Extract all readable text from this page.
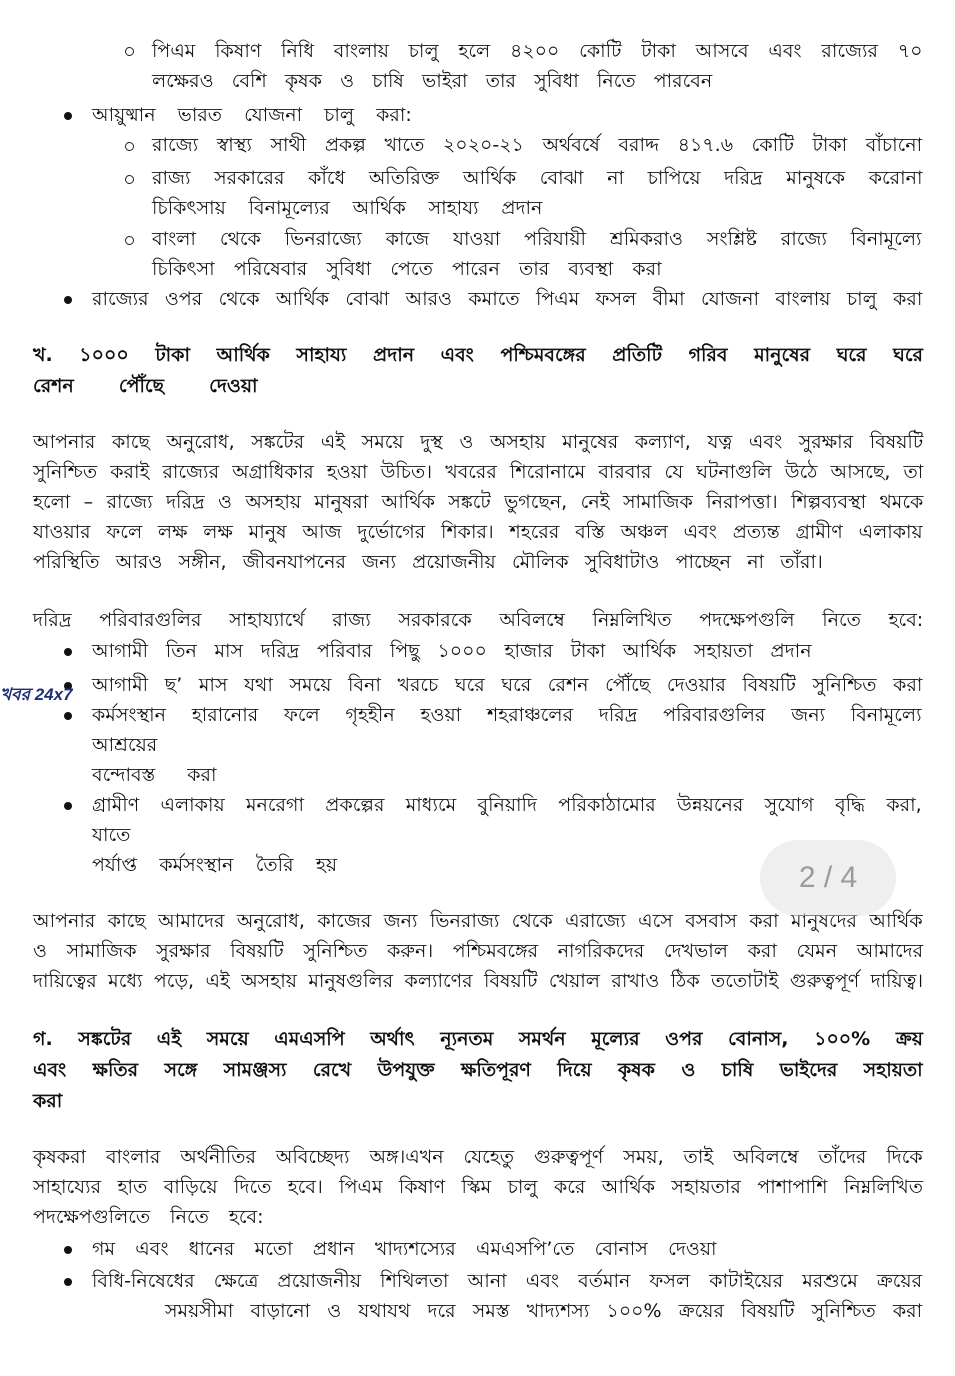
পিএম কিষাণ নিধি বাংলায় চালু হলে ৪২০০ কোটি টাকা আসবে এবং রাজ্যের ৭০
লক্ষেরও বেশি কৃষক ও চাষি ভাইরা তার সুবিধা নিতে পারবেন
আয়ুষ্মান ভারত যোজনা চালু করা:
রাজ্যে স্বাস্থ্য সাথী প্রকল্প খাতে ২০২০-২১ অর্থবর্ষে বরাদ্দ ৪১৭.৬ কোটি টাকা বাঁচানো
রাজ্য সরকারের কাঁধে অতিরিক্ত আর্থিক বোঝা না চাপিয়ে দরিদ্র মানুষকে করোনা
চিকিৎসায় বিনামূল্যের আর্থিক সাহায্য প্রদান
বাংলা থেকে ভিনরাজ্যে কাজে যাওয়া পরিযায়ী শ্রমিকরাও সংশ্লিষ্ট রাজ্যে বিনামূল্যে
চিকিৎসা পরিষেবার সুবিধা পেতে পারেন তার ব্যবস্থা করা
রাজ্যের ওপর থেকে আর্থিক বোঝা আরও কমাতে পিএম ফসল বীমা যোজনা বাংলায় চালু করা
খ. ১০০০ টাকা আর্থিক সাহায্য প্রদান এবং পশ্চিমবঙ্গের প্রতিটি গরিব মানুষের ঘরে ঘরে
রেশন পৌঁছে দেওয়া
আপনার কাছে অনুরোধ, সঙ্কটের এই সময়ে দুস্থ ও অসহায় মানুষের কল্যাণ, যত্ন এবং সুরক্ষার বিষয়টি
সুনিশ্চিত করাই রাজ্যের অগ্রাধিকার হওয়া উচিত। খবরের শিরোনামে বারবার যে ঘটনাগুলি উঠে আসছে, তা
হলো – রাজ্যে দরিদ্র ও অসহায় মানুষরা আর্থিক সঙ্কটে ভুগছেন, নেই সামাজিক নিরাপত্তা। শিল্পব্যবস্থা থমকে
যাওয়ার ফলে লক্ষ লক্ষ মানুষ আজ দুর্ভোগের শিকার। শহরের বস্তি অঞ্চল এবং প্রত্যন্ত গ্রামীণ এলাকায়
পরিস্থিতি আরও সঙ্গীন, জীবনযাপনের জন্য প্রয়োজনীয় মৌলিক সুবিধাটাও পাচ্ছেন না তাঁরা।
দরিদ্র পরিবারগুলির সাহায্যার্থে রাজ্য সরকারকে অবিলম্বে নিম্নলিখিত পদক্ষেপগুলি নিতে হবে:
আগামী তিন মাস দরিদ্র পরিবার পিছু ১০০০ হাজার টাকা আর্থিক সহায়তা প্রদান
আগামী ছ’ মাস যথা সময়ে বিনা খরচে ঘরে ঘরে রেশন পৌঁছে দেওয়ার বিষয়টি সুনিশ্চিত করা
কর্মসংস্থান হারানোর ফলে গৃহহীন হওয়া শহরাঞ্চলের দরিদ্র পরিবারগুলির জন্য বিনামূল্যে
আশ্রয়ের
বন্দোবস্ত করা
গ্রামীণ এলাকায় মনরেগা প্রকল্পের মাধ্যমে বুনিয়াদি পরিকাঠামোর উন্নয়নের সুযোগ বৃদ্ধি করা,
যাতে
পর্যাপ্ত কর্মসংস্থান তৈরি হয়
আপনার কাছে আমাদের অনুরোধ, কাজের জন্য ভিনরাজ্য থেকে এরাজ্যে এসে বসবাস করা মানুষদের আর্থিক
ও সামাজিক সুরক্ষার বিষয়টি সুনিশ্চিত করুন। পশ্চিমবঙ্গের নাগরিকদের দেখভাল করা যেমন আমাদের
দায়িত্বের মধ্যে পড়ে, এই অসহায় মানুষগুলির কল্যাণের বিষয়টি খেয়াল রাখাও ঠিক ততোটাই গুরুত্বপূর্ণ দায়িত্ব।
গ. সঙ্কটের এই সময়ে এমএসপি অর্থাৎ ন্যূনতম সমর্থন মূল্যের ওপর বোনাস, ১০০% ক্রয়
এবং ক্ষতির সঙ্গে সামঞ্জস্য রেখে উপযুক্ত ক্ষতিপূরণ দিয়ে কৃষক ও চাষি ভাইদের সহায়তা
করা
কৃষকরা বাংলার অর্থনীতির অবিচ্ছেদ্য অঙ্গ।এখন যেহেতু গুরুত্বপূর্ণ সময়, তাই অবিলম্বে তাঁদের দিকে
সাহায্যের হাত বাড়িয়ে দিতে হবে। পিএম কিষাণ স্কিম চালু করে আর্থিক সহায়তার পাশাপাশি নিম্নলিখিত
পদক্ষেপগুলিতে নিতে হবে:
গম এবং ধানের মতো প্রধান খাদ্যশস্যের এমএসপি’তে বোনাস দেওয়া
বিধি-নিষেধের ক্ষেত্রে প্রয়োজনীয় শিথিলতা আনা এবং বর্তমান ফসল কাটাইয়ের মরশুমে ক্রয়ের
সময়সীমা বাড়ানো ও যথাযথ দরে সমস্ত খাদ্যশস্য ১০০% ক্রয়ের বিষয়টি সুনিশ্চিত করা
খবর 24x7
2 / 4
